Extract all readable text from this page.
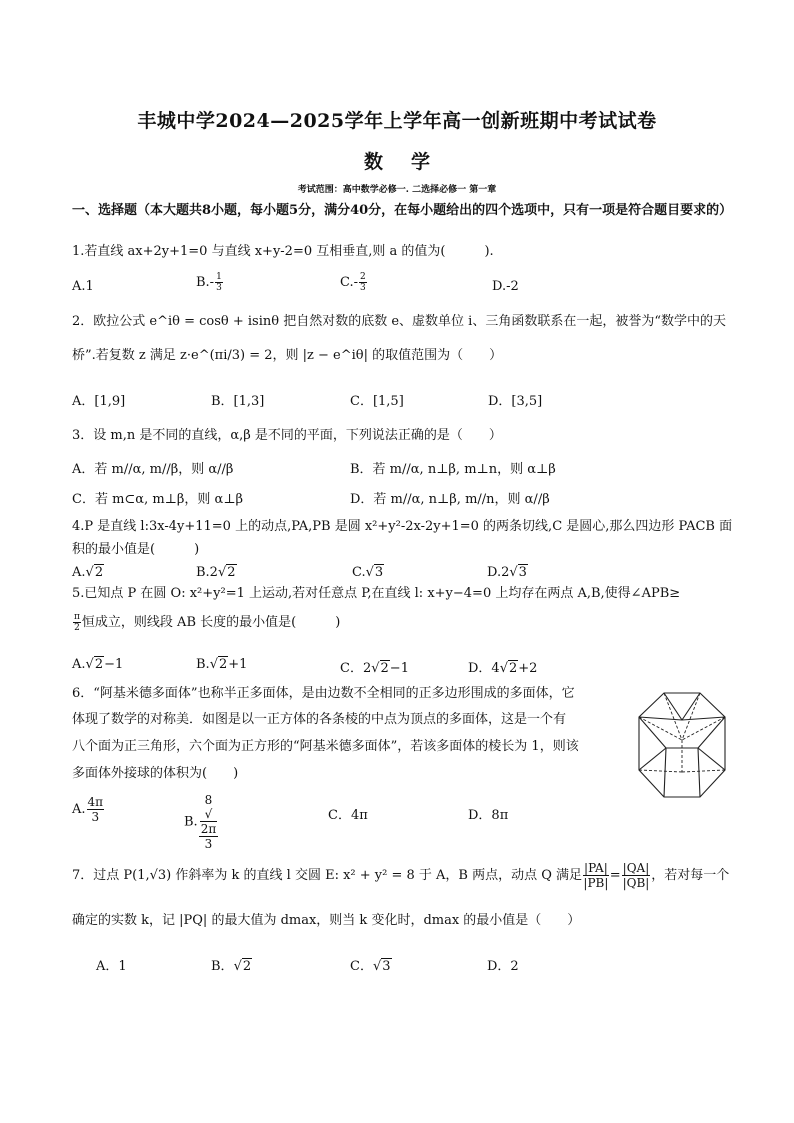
丰城中学2024—2025学年上学年高一创新班期中考试试卷
数学
考试范围：高中数学必修一. 二选择必修一 第一章
一、选择题（本大题共8小题，每小题5分，满分40分，在每小题给出的四个选项中，只有一项是符合题目要求的）
1.若直线 ax+2y+1=0 与直线 x+y-2=0 互相垂直,则 a 的值为(　　　).
A.1	$B.- \frac{1}{3}$	$C.- \frac{2}{3}$	D.-2
2．欧拉公式 e^iθ = cosθ + isinθ 把自然对数的底数 e、虚数单位 i、三角函数联系在一起，被誉为“数学中的天
桥”.若复数 z 满足 z·e^(πi/3) = 2，则 |z − e^iθ| 的取值范围为（　　）
A．[1,9]	B．[1,3]	C．[1,5]	D．[3,5]
3．设 m,n 是不同的直线，α,β 是不同的平面，下列说法正确的是（　　）
A．若 m//α, m//β，则 α//β	B．若 m//α, n⊥β, m⊥n，则 α⊥β
C．若 m⊂α, m⊥β，则 α⊥β	D．若 m//α, n⊥β, m//n，则 α//β
4.P 是直线 l:3x-4y+11=0 上的动点,PA,PB 是圆 x²+y²-2x-2y+1=0 的两条切线,C 是圆心,那么四边形 PACB 面
积的最小值是(　　　)
A.√2	B.2√2	C.√3	D.2√3
5.已知点 P 在圆 O: x²+y²=1 上运动,若对任意点 P,在直线 l: x+y−4=0 上均存在两点 A,B,使得∠APB≥
$\frac{\pi}{2}$ 恒成立，则线段 AB 长度的最小值是(　　　)
A.√2−1	B.√2+1	C．2√2−1	D．4√2+2
6．“阿基米德多面体”也称半正多面体，是由边数不全相同的正多边形围成的多面体，它
体现了数学的对称美．如图是以一正方体的各条棱的中点为顶点的多面体，这是一个有
八个面为正三角形，六个面为正方形的“阿基米德多面体”，若该多面体的棱长为 1，则该
多面体外接球的体积为(　　)
A. $\frac{4\pi}{3}$	B. 8
√
2π
3	C．4π	D．8π
7．过点 P(1,√3) 作斜率为 k 的直线 l 交圆 E: x² + y² = 8 于 A，B 两点，动点 Q 满足 $\frac{|PA|}{|PB|} = \frac{|QA|}{|QB|}$ ，若对每一个
确定的实数 k，记 |PQ| 的最大值为 dmax，则当 k 变化时，dmax 的最小值是（　　）
A．1	B．√2	C．√3	D．2
